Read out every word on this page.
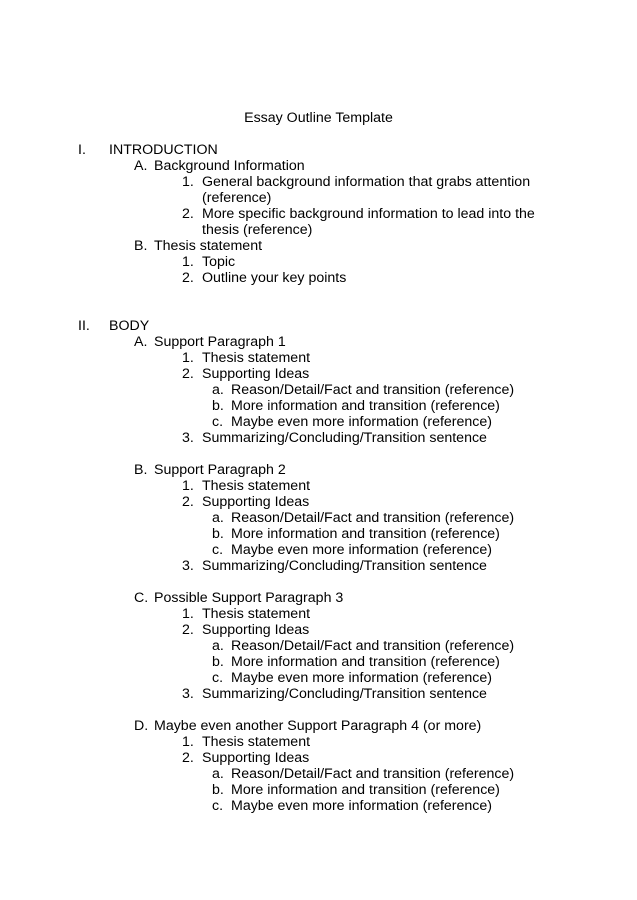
Essay Outline Template
I. INTRODUCTION
A. Background Information
1. General background information that grabs attention
(reference)
2. More specific background information to lead into the
thesis (reference)
B. Thesis statement
1. Topic
2. Outline your key points
II. BODY
A. Support Paragraph 1
1. Thesis statement
2. Supporting Ideas
a. Reason/Detail/Fact and transition (reference)
b. More information and transition (reference)
c. Maybe even more information (reference)
3. Summarizing/Concluding/Transition sentence
B. Support Paragraph 2
1. Thesis statement
2. Supporting Ideas
a. Reason/Detail/Fact and transition (reference)
b. More information and transition (reference)
c. Maybe even more information (reference)
3. Summarizing/Concluding/Transition sentence
C. Possible Support Paragraph 3
1. Thesis statement
2. Supporting Ideas
a. Reason/Detail/Fact and transition (reference)
b. More information and transition (reference)
c. Maybe even more information (reference)
3. Summarizing/Concluding/Transition sentence
D. Maybe even another Support Paragraph 4 (or more)
1. Thesis statement
2. Supporting Ideas
a. Reason/Detail/Fact and transition (reference)
b. More information and transition (reference)
c. Maybe even more information (reference)
